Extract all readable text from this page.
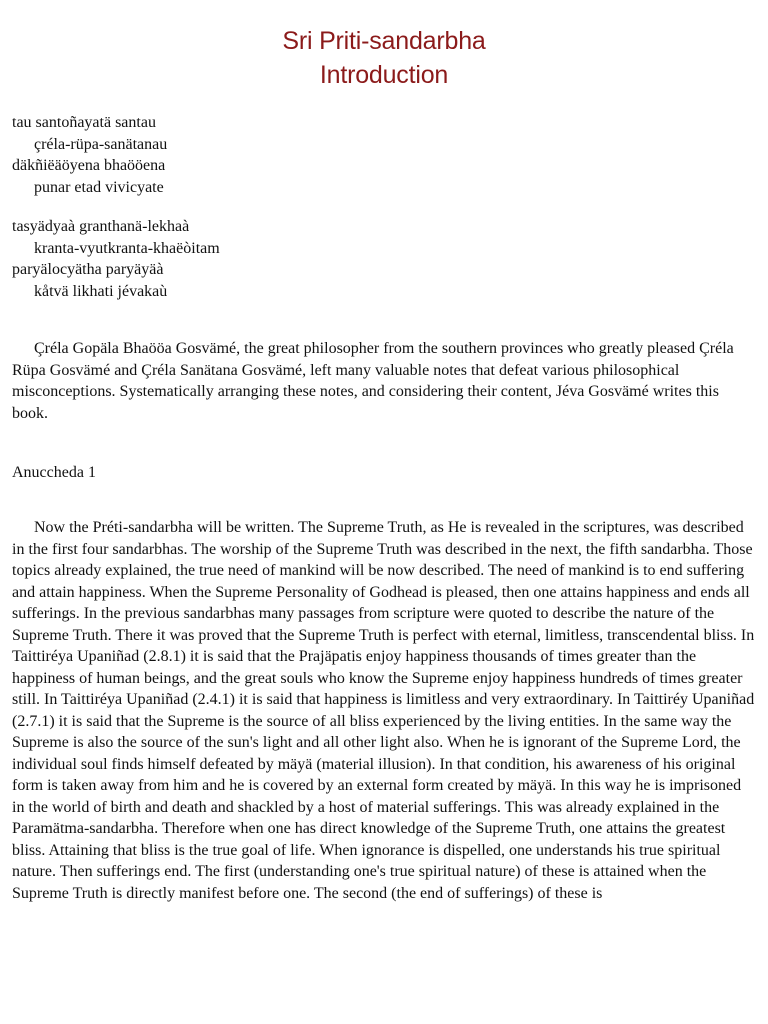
Sri Priti-sandarbha
Introduction
tau santoñayatä santau
çréla-rüpa-sanätanau
däkñiëäöyena bhaööena
punar etad vivicyate
tasyädyaà granthanä-lekhaà
kranta-vyutkranta-khaëòitam
paryälocyätha paryäyäà
kåtvä likhati jévakaù

Çréla Gopäla Bhaööa Gosvämé, the great philosopher from the southern provinces who greatly pleased Çréla Rüpa Gosvämé and Çréla Sanätana Gosvämé, left many valuable notes that defeat various philosophical misconceptions. Systematically arranging these notes, and considering their content, Jéva Gosvämé writes this book.

Anuccheda 1

Now the Préti-sandarbha will be written. The Supreme Truth, as He is revealed in the scriptures, was described in the first four sandarbhas. The worship of the Supreme Truth was described in the next, the fifth sandarbha. Those topics already explained, the true need of mankind will be now described. The need of mankind is to end suffering and attain happiness. When the Supreme Personality of Godhead is pleased, then one attains happiness and ends all sufferings. In the previous sandarbhas many passages from scripture were quoted to describe the nature of the Supreme Truth. There it was proved that the Supreme Truth is perfect with eternal, limitless, transcendental bliss. In Taittiréya Upaniñad (2.8.1) it is said that the Prajäpatis enjoy happiness thousands of times greater than the happiness of human beings, and the great souls who know the Supreme enjoy happiness hundreds of times greater still. In Taittiréya Upaniñad (2.4.1) it is said that happiness is limitless and very extraordinary. In Taittiréy Upaniñad (2.7.1) it is said that the Supreme is the source of all bliss experienced by the living entities. In the same way the Supreme is also the source of the sun's light and all other light also. When he is ignorant of the Supreme Lord, the individual soul finds himself defeated by mäyä (material illusion). In that condition, his awareness of his original form is taken away from him and he is covered by an external form created by mäyä. In this way he is imprisoned in the world of birth and death and shackled by a host of material sufferings. This was already explained in the Paramätma-sandarbha. Therefore when one has direct knowledge of the Supreme Truth, one attains the greatest bliss. Attaining that bliss is the true goal of life. When ignorance is dispelled, one understands his true spiritual nature. Then sufferings end. The first (understanding one's true spiritual nature) of these is attained when the Supreme Truth is directly manifest before one. The second (the end of sufferings) of these is
